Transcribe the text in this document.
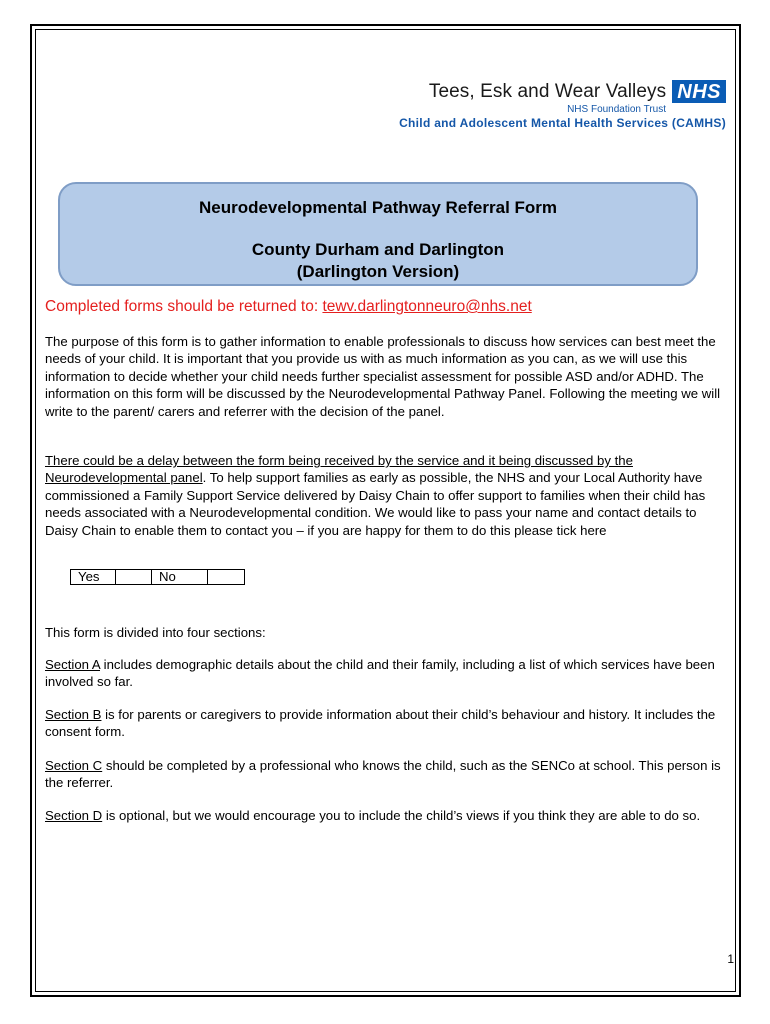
Tees, Esk and Wear Valleys NHS
NHS Foundation Trust
Child and Adolescent Mental Health Services (CAMHS)
Neurodevelopmental Pathway Referral Form
County Durham and Darlington
(Darlington Version)
Completed forms should be returned to: tewv.darlingtonneuro@nhs.net
The purpose of this form is to gather information to enable professionals to discuss how services can best meet the needs of your child. It is important that you provide us with as much information as you can, as we will use this information to decide whether your child needs further specialist assessment for possible ASD and/or ADHD. The information on this form will be discussed by the Neurodevelopmental Pathway Panel. Following the meeting we will write to the parent/ carers and referrer with the decision of the panel.
There could be a delay between the form being received by the service and it being discussed by the Neurodevelopmental panel. To help support families as early as possible, the NHS and your Local Authority have commissioned a Family Support Service delivered by Daisy Chain to offer support to families when their child has needs associated with a Neurodevelopmental condition. We would like to pass your name and contact details to Daisy Chain to enable them to contact you – if you are happy for them to do this please tick here
Yes		No	
This form is divided into four sections:
Section A includes demographic details about the child and their family, including a list of which services have been involved so far.
Section B is for parents or caregivers to provide information about their child’s behaviour and history. It includes the consent form.
Section C should be completed by a professional who knows the child, such as the SENCo at school. This person is the referrer.
Section D is optional, but we would encourage you to include the child’s views if you think they are able to do so.
1
